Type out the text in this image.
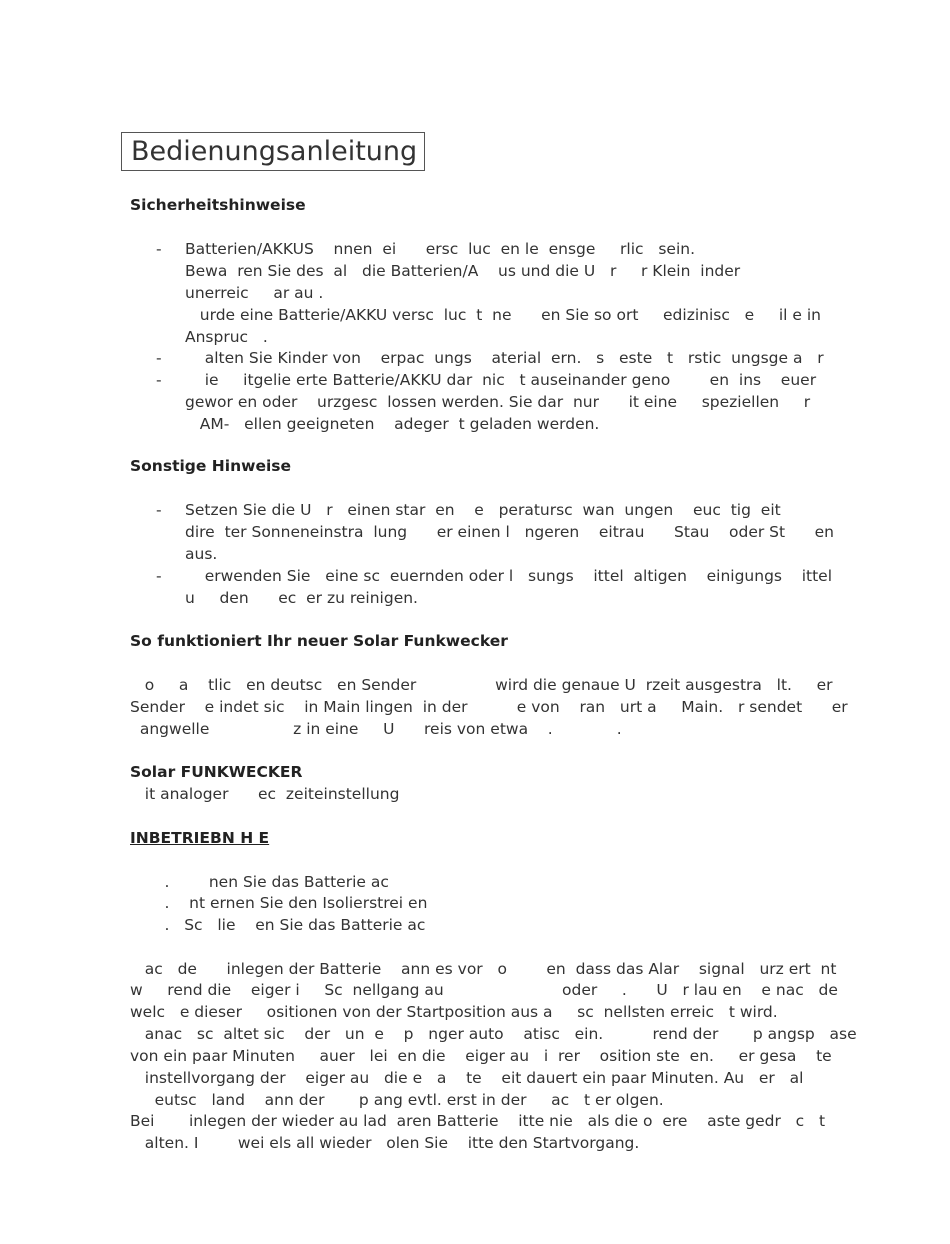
Bedienungsanleitung
Sicherheitshinweise
-
-
-
Batterien/AKKUS    nnen  ei      ersc  luc  en le  ensge     rlic   sein.
Bewa  ren Sie des  al   die Batterien/A    us und die U   r     r Klein  inder
unerreic     ar au .
urde eine Batterie/AKKU versc  luc  t  ne      en Sie so ort     edizinisc   e     il e in
Anspruc   .
alten Sie Kinder von    erpac  ungs    aterial  ern.   s   este   t   rstic  ungsge a   r
ie     itgelie erte Batterie/AKKU dar  nic   t auseinander geno        en  ins    euer
gewor en oder    urzgesc  lossen werden. Sie dar  nur      it eine     speziellen     r
AM-   ellen geeigneten    adeger  t geladen werden.
Sonstige Hinweise
-
-
Setzen Sie die U   r   einen star  en    e   peratursc  wan  ungen    euc  tig  eit
dire  ter Sonneneinstra  lung      er einen l   ngeren    eitrau      Stau    oder St      en
aus.
erwenden Sie   eine sc  euernden oder l   sungs    ittel  altigen    einigungs    ittel
u     den      ec  er zu reinigen.
So funktioniert Ihr neuer Solar Funkwecker
o     a    tlic   en deutsc   en Sender                wird die genaue U  rzeit ausgestra   lt.     er
Sender    e indet sic    in Main lingen  in der          e von    ran   urt a     Main.   r sendet      er
angwelle                 z in eine     U      reis von etwa    .             .
Solar FUNKWECKER
it analoger      ec  zeiteinstellung
INBETRIEBN H E
.        nen Sie das Batterie ac
.    nt ernen Sie den Isolierstrei en
.   Sc   lie    en Sie das Batterie ac
ac   de      inlegen der Batterie    ann es vor   o        en  dass das Alar    signal   urz ert  nt
w     rend die    eiger i     Sc  nellgang au                        oder     .      U   r lau en    e nac   de
welc   e dieser     ositionen von der Startposition aus a     sc  nellsten erreic   t wird.
anac   sc  altet sic    der   un  e    p   nger auto    atisc   ein.          rend der       p angsp   ase
von ein paar Minuten     auer   lei  en die    eiger au   i  rer    osition ste  en.     er gesa    te
instellvorgang der    eiger au   die e   a    te    eit dauert ein paar Minuten. Au   er   al
eutsc   land    ann der       p ang evtl. erst in der     ac   t er olgen.
Bei       inlegen der wieder au lad  aren Batterie    itte nie   als die o  ere    aste gedr   c   t
alten. I        wei els all wieder   olen Sie    itte den Startvorgang.
